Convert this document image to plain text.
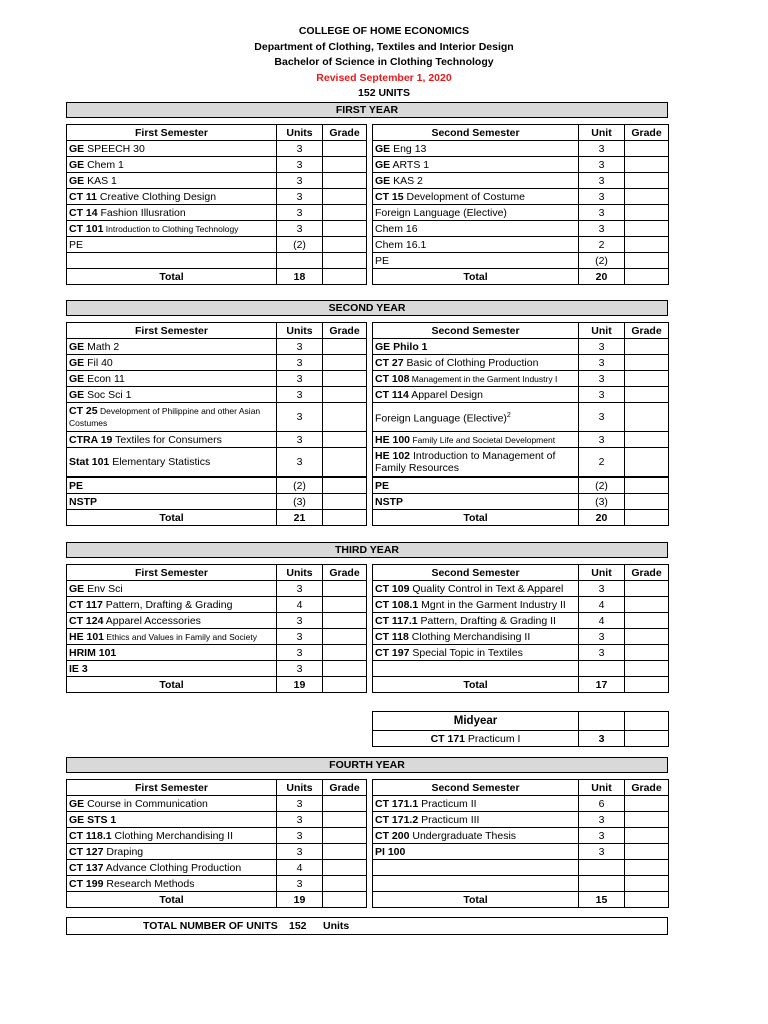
COLLEGE OF HOME ECONOMICS
Department of Clothing, Textiles and Interior Design
Bachelor of Science in Clothing Technology
Revised September 1, 2020
152 UNITS
FIRST YEAR
First Semester	Units	Grade
GE SPEECH 30	3	
GE Chem 1	3	
GE KAS 1	3	
CT 11 Creative Clothing Design	3	
CT 14 Fashion Illusration	3	
CT 101 Introduction to Clothing Technology	3	
PE	(2)	

Total	18	
Second Semester	Unit	Grade
GE Eng 13	3	
GE ARTS 1	3	
GE KAS 2	3	
CT 15 Development of Costume	3	
Foreign Language (Elective)	3	
Chem 16	3	
Chem 16.1	2	
PE	(2)	
Total	20	
SECOND YEAR
First Semester	Units	Grade
GE Math 2	3	
GE Fil 40	3	
GE Econ 11	3	
GE Soc Sci 1	3	
CT 25 Development of Philippine and other Asian Costumes	3	
CTRA 19 Textiles for Consumers	3	
Stat 101 Elementary Statistics	3	
PE	(2)	
NSTP	(3)	
Total	21	
Second Semester	Unit	Grade
GE Philo 1	3	
CT 27 Basic of Clothing Production	3	
CT 108 Management in the Garment Industry I	3	
CT 114 Apparel Design	3	
Foreign Language (Elective)$^2$	3	
HE 100 Family Life and Societal Development	3	
HE 102 Introduction to Management of Family Resources	2	
PE	(2)	
NSTP	(3)	
Total	20	
THIRD YEAR
First Semester	Units	Grade
GE Env Sci	3	
CT 117 Pattern, Drafting & Grading	4	
CT 124 Apparel Accessories	3	
HE 101 Ethics and Values in Family and Society	3	
HRIM 101	3	
IE 3	3	
Total	19	
Second Semester	Unit	Grade
CT 109 Quality Control in Text & Apparel	3	
CT 108.1 Mgnt in the Garment Industry II	4	
CT 117.1 Pattern, Drafting & Grading II	4	
CT 118 Clothing Merchandising II	3	
CT 197 Special Topic in Textiles	3	

Total	17	
Midyear		
CT 171 Practicum I	3	
FOURTH YEAR
First Semester	Units	Grade
GE Course in Communication	3	
GE STS 1	3	
CT 118.1 Clothing Merchandising II	3	
CT 127 Draping	3	
CT 137 Advance Clothing Production	4	
CT 199 Research Methods	3	
Total	19	
Second Semester	Unit	Grade
CT 171.1 Practicum II	6	
CT 171.2 Practicum III	3	
CT 200 Undergraduate Thesis	3	
PI 100	3	

Total	15	
TOTAL NUMBER OF UNITS 152 Units
